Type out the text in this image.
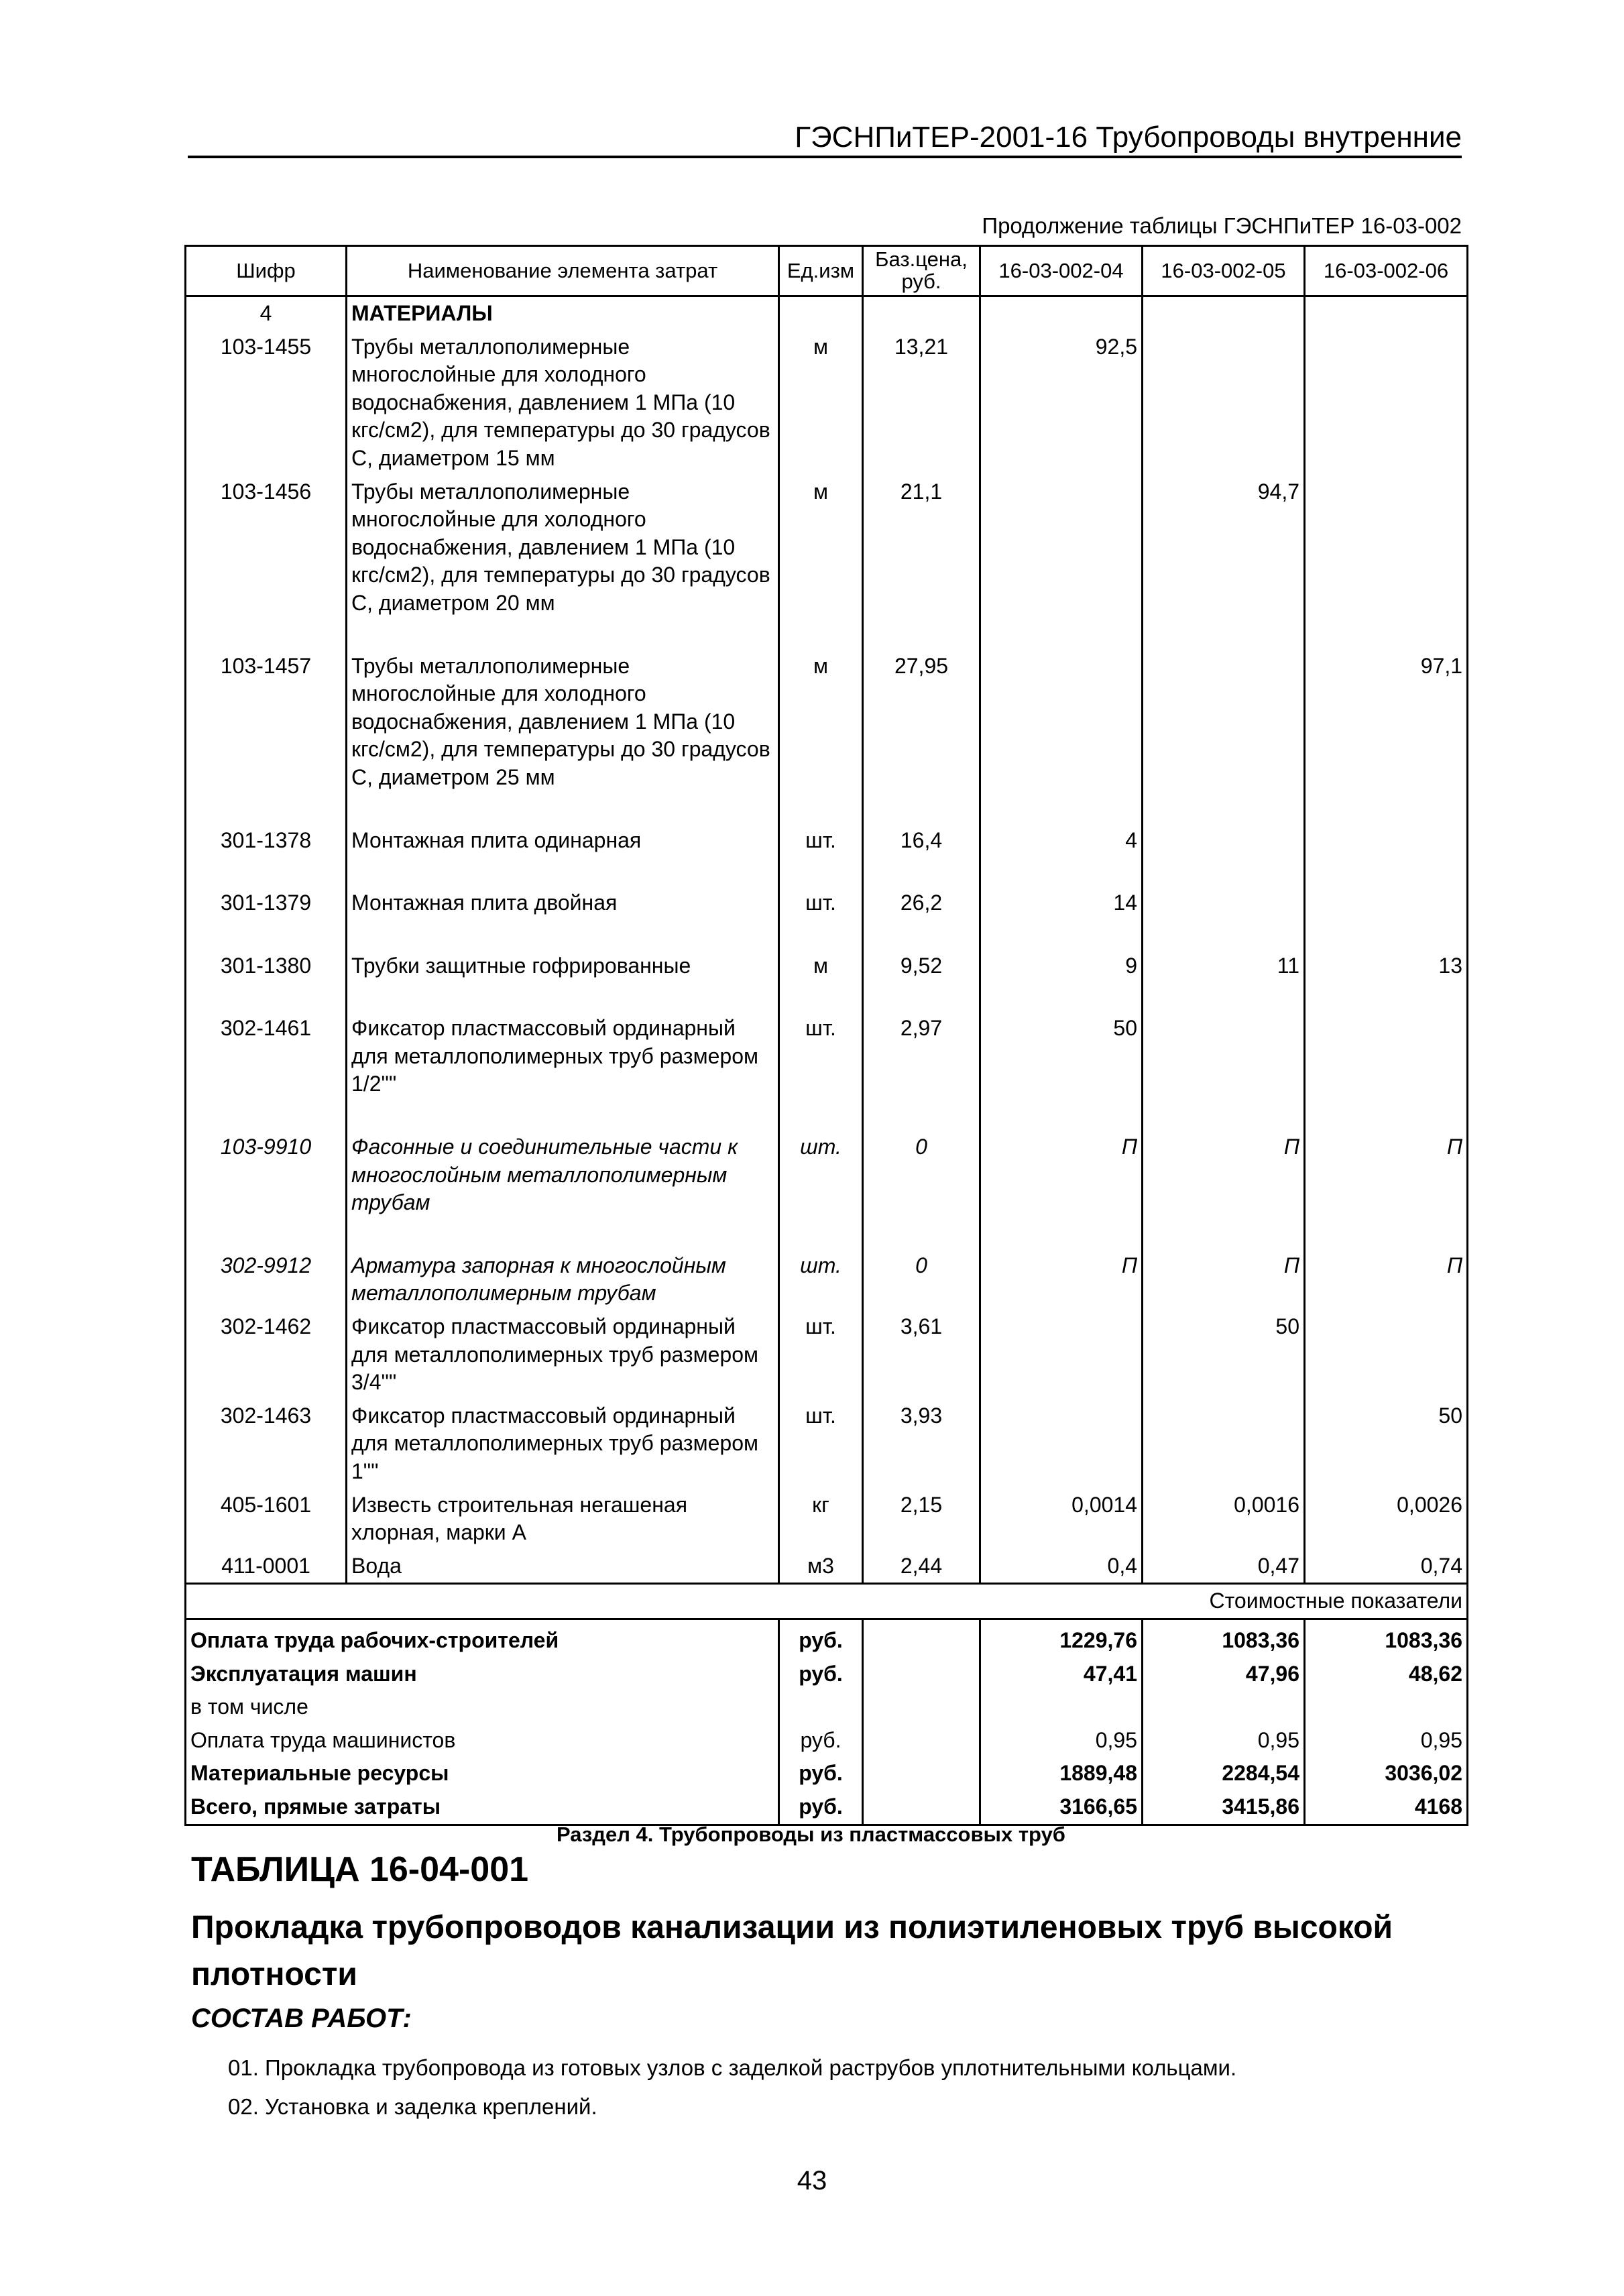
ГЭСНПиТЕР-2001-16 Трубопроводы внутренние
Продолжение таблицы ГЭСНПиТЕР 16-03-002
Шифр	Наименование элемента затрат	Ед.изм	Баз.цена, руб.	16-03-002-04	16-03-002-05	16-03-002-06
4	МАТЕРИАЛЫ					
103-1455	Трубы металлополимерные многослойные для холодного водоснабжения, давлением 1 МПа (10 кгс/см2), для температуры до 30 градусов С, диаметром 15 мм	м	13,21	92,5		
103-1456	Трубы металлополимерные многослойные для холодного водоснабжения, давлением 1 МПа (10 кгс/см2), для температуры до 30 градусов С, диаметром 20 мм	м	21,1		94,7	

103-1457	Трубы металлополимерные многослойные для холодного водоснабжения, давлением 1 МПа (10 кгс/см2), для температуры до 30 градусов С, диаметром 25 мм	м	27,95			97,1

301-1378	Монтажная плита одинарная	шт.	16,4	4		

301-1379	Монтажная плита двойная	шт.	26,2	14		

301-1380	Трубки защитные гофрированные	м	9,52	9	11	13

302-1461	Фиксатор пластмассовый ординарный для металлополимерных труб размером 1/2""	шт.	2,97	50		

103-9910	Фасонные и соединительные части к многослойным металлополимерным трубам	шт.	0	П	П	П

302-9912	Арматура запорная к многослойным металлополимерным трубам	шт.	0	П	П	П
302-1462	Фиксатор пластмассовый ординарный для металлополимерных труб размером 3/4""	шт.	3,61		50	
302-1463	Фиксатор пластмассовый ординарный для металлополимерных труб размером 1""	шт.	3,93			50
405-1601	Известь строительная негашеная хлорная, марки А	кг	2,15	0,0014	0,0016	0,0026
411-0001	Вода	м3	2,44	0,4	0,47	0,74
Стоимостные показатели						
Оплата труда рабочих-строителей		руб.		1229,76	1083,36	1083,36
Эксплуатация машин		руб.		47,41	47,96	48,62
в том числе						
Оплата труда машинистов		руб.		0,95	0,95	0,95
Материальные ресурсы		руб.		1889,48	2284,54	3036,02
Всего, прямые затраты		руб.		3166,65	3415,86	4168
Раздел 4. Трубопроводы из пластмассовых труб
ТАБЛИЦА 16-04-001
Прокладка трубопроводов канализации из полиэтиленовых труб высокой плотности
СОСТАВ РАБОТ:
01. Прокладка трубопровода из готовых узлов с заделкой раструбов уплотнительными кольцами.
02. Установка и заделка креплений.
43
